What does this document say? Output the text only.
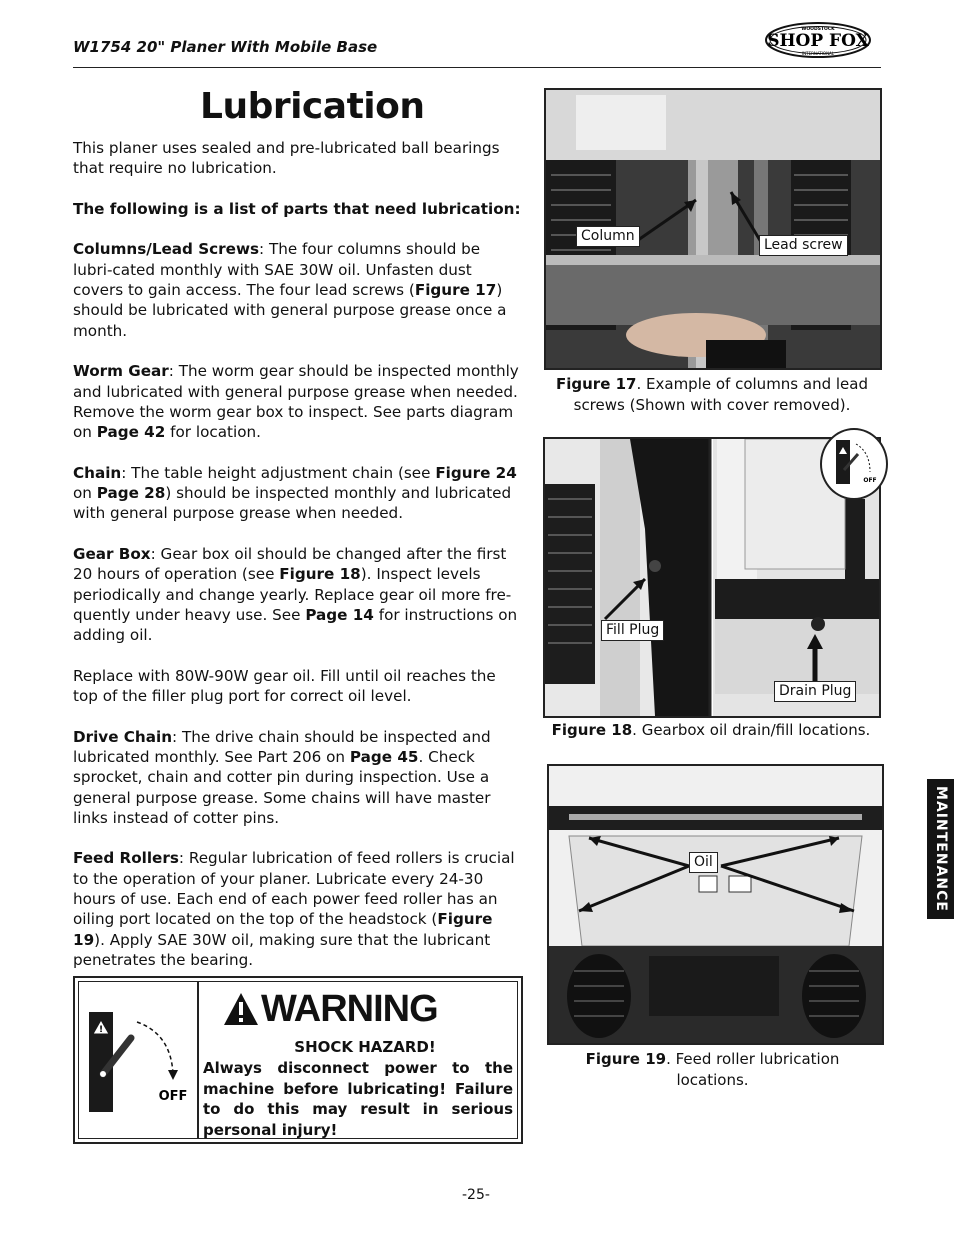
W1754 20" Planer With Mobile Base
WOODSTOCK
SHOP FOX
INTERNATIONAL
Lubrication

This planer uses sealed and pre-lubricated ball bearings that require no lubrication.

The following is a list of parts that need lubrication:

Columns/Lead Screws: The four columns should be lubri-cated monthly with SAE 30W oil. Unfasten dust covers to gain access. The four lead screws (Figure 17) should be lubricated with general purpose grease once a month.

Worm Gear: The worm gear should be inspected monthly and lubricated with general purpose grease when needed. Remove the worm gear box to inspect. See parts diagram on Page 42 for location.

Chain: The table height adjustment chain (see Figure 24 on Page 28) should be inspected monthly and lubricated with general purpose grease when needed.

Gear Box: Gear box oil should be changed after the first 20 hours of operation (see Figure 18). Inspect levels periodically and change yearly. Replace gear oil more fre-quently under heavy use. See Page 14 for instructions on adding oil.

Replace with 80W-90W gear oil. Fill until oil reaches the top of the filler plug port for correct oil level.

Drive Chain: The drive chain should be inspected and lubricated monthly. See Part 206 on Page 45. Check sprocket, chain and cotter pin during inspection. Use a general purpose grease. Some chains will have master links instead of cotter pins.

Feed Rollers: Regular lubrication of feed rollers is crucial to the operation of your planer. Lubricate every 24-30 hours of use. Each end of each power feed roller has an oiling port located on the top of the headstock (Figure 19). Apply SAE 30W oil, making sure that the lubricant penetrates the bearing.

Column
Lead screw
Figure 17. Example of columns and lead screws (Shown with cover removed).
OFF
Fill Plug
Drain Plug
Figure 18. Gearbox oil drain/fill locations.
Oil
Figure 19. Feed roller lubrication locations.
MAINTENANCE
!
OFF
WARNING
SHOCK HAZARD!
Always disconnect power to the machine before lubricating! Failure to do this may result in serious personal injury!
-25-
